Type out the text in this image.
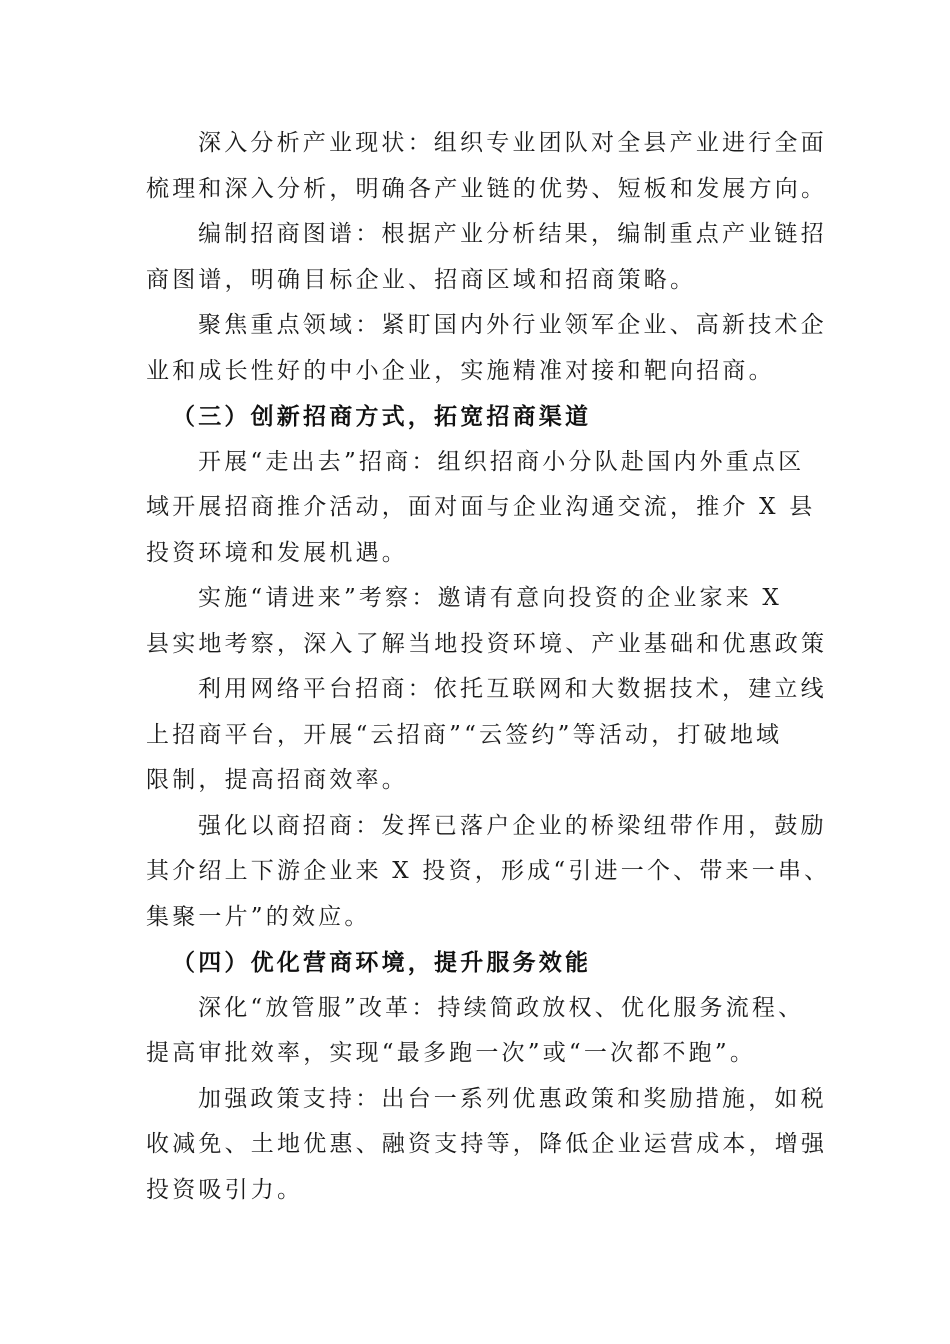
深入分析产业现状：组织专业团队对全县产业进行全面
梳理和深入分析，明确各产业链的优势、短板和发展方向。

编制招商图谱：根据产业分析结果，编制重点产业链招
商图谱，明确目标企业、招商区域和招商策略。

聚焦重点领域：紧盯国内外行业领军企业、高新技术企
业和成长性好的中小企业，实施精准对接和靶向招商。

（三）创新招商方式，拓宽招商渠道

开展“走出去”招商：组织招商小分队赴国内外重点区
域开展招商推介活动，面对面与企业沟通交流，推介 X 县
投资环境和发展机遇。

实施“请进来”考察：邀请有意向投资的企业家来 X
县实地考察，深入了解当地投资环境、产业基础和优惠政策

利用网络平台招商：依托互联网和大数据技术，建立线
上招商平台，开展“云招商”“云签约”等活动，打破地域
限制，提高招商效率。

强化以商招商：发挥已落户企业的桥梁纽带作用，鼓励
其介绍上下游企业来 X 投资，形成“引进一个、带来一串、
集聚一片”的效应。

（四）优化营商环境，提升服务效能

深化“放管服”改革：持续简政放权、优化服务流程、
提高审批效率，实现“最多跑一次”或“一次都不跑”。

加强政策支持：出台一系列优惠政策和奖励措施，如税
收减免、土地优惠、融资支持等，降低企业运营成本，增强
投资吸引力。
